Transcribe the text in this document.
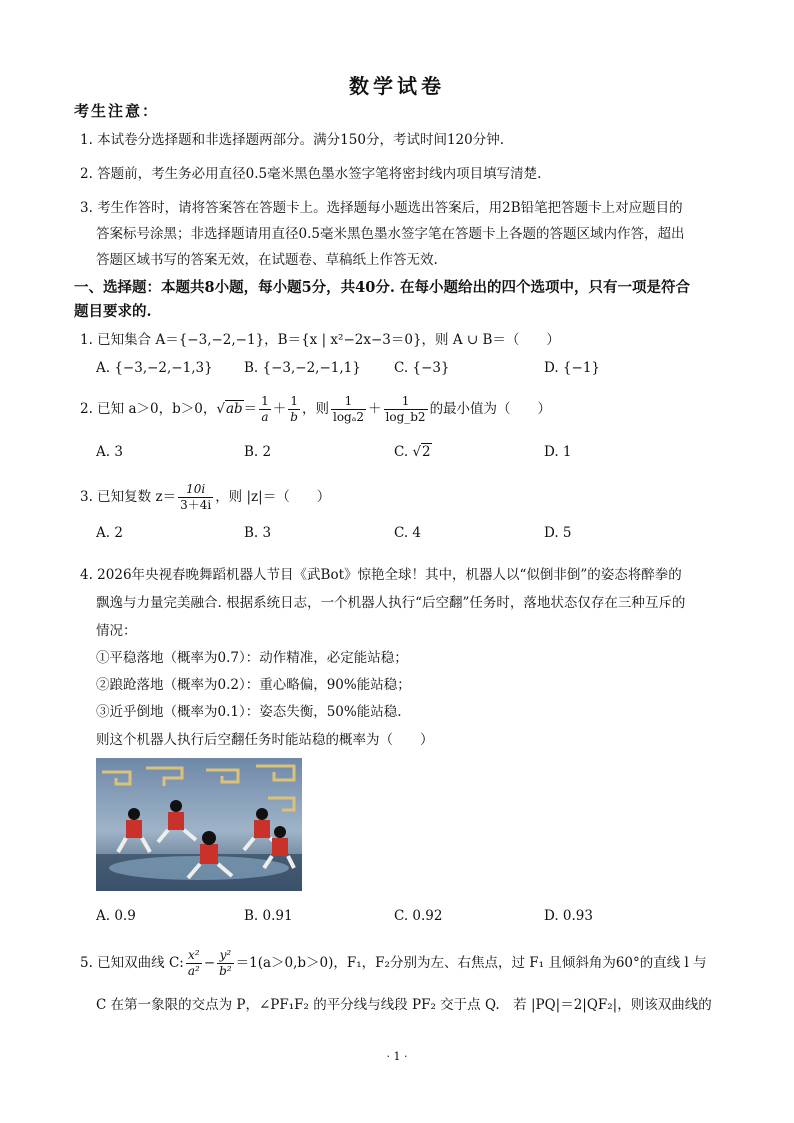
数学试卷
考生注意：
1. 本试卷分选择题和非选择题两部分。满分150分，考试时间120分钟.
2. 答题前，考生务必用直径0.5毫米黑色墨水签字笔将密封线内项目填写清楚.
3. 考生作答时，请将答案答在答题卡上。选择题每小题选出答案后，用2B铅笔把答题卡上对应题目的
答案标号涂黑；非选择题请用直径0.5毫米黑色墨水签字笔在答题卡上各题的答题区域内作答，超出
答题区域书写的答案无效，在试题卷、草稿纸上作答无效.
一、选择题：本题共8小题，每小题5分，共40分. 在每小题给出的四个选项中，只有一项是符合
题目要求的.
1. 已知集合 A＝{−3,−2,−1}，B＝{x | x²−2x−3＝0}，则 A ∪ B＝（　　）
A. {−3,−2,−1,3} B. {−3,−2,−1,1} C. {−3}	D. {−1}
2. 已知 a＞0，b＞0，$√ab= \frac{1}{a} + \frac{1}{b}$ ，则 $\frac{1}{\text{logₐ2}} + \frac{1}{\log\_b2}$ 的最小值为（　　）
A. 3	B. 2	C. √2	D. 1
3. 已知复数 $z= \frac{10i}{3+4i}$ ，则 |z|＝（　　）
A. 2	B. 3	C. 4	D. 5
4. 2026年央视春晚舞蹈机器人节目《武Bot》惊艳全球！其中，机器人以“似倒非倒”的姿态将醉拳的
飘逸与力量完美融合. 根据系统日志，一个机器人执行“后空翻”任务时，落地状态仅存在三种互斥的
情况：
①平稳落地（概率为0.7）：动作精准，必定能站稳；
②踉跄落地（概率为0.2）：重心略偏，90%能站稳；
③近乎倒地（概率为0.1）：姿态失衡，50%能站稳.
则这个机器人执行后空翻任务时能站稳的概率为（　　）
A. 0.9	B. 0.91	C. 0.92	D. 0.93
5. 已知双曲线 C: $\frac{\text{x²}}{\text{a²}} - \frac{\text{y²}}{\text{b²}} =1(a>0,b>0)$，F₁，F₂分别为左、右焦点，过 F₁ 且倾斜角为60°的直线 l 与
C 在第一象限的交点为 P，∠PF₁F₂ 的平分线与线段 PF₂ 交于点 Q.　若 |PQ|＝2|QF₂|，则该双曲线的
· 1 ·
